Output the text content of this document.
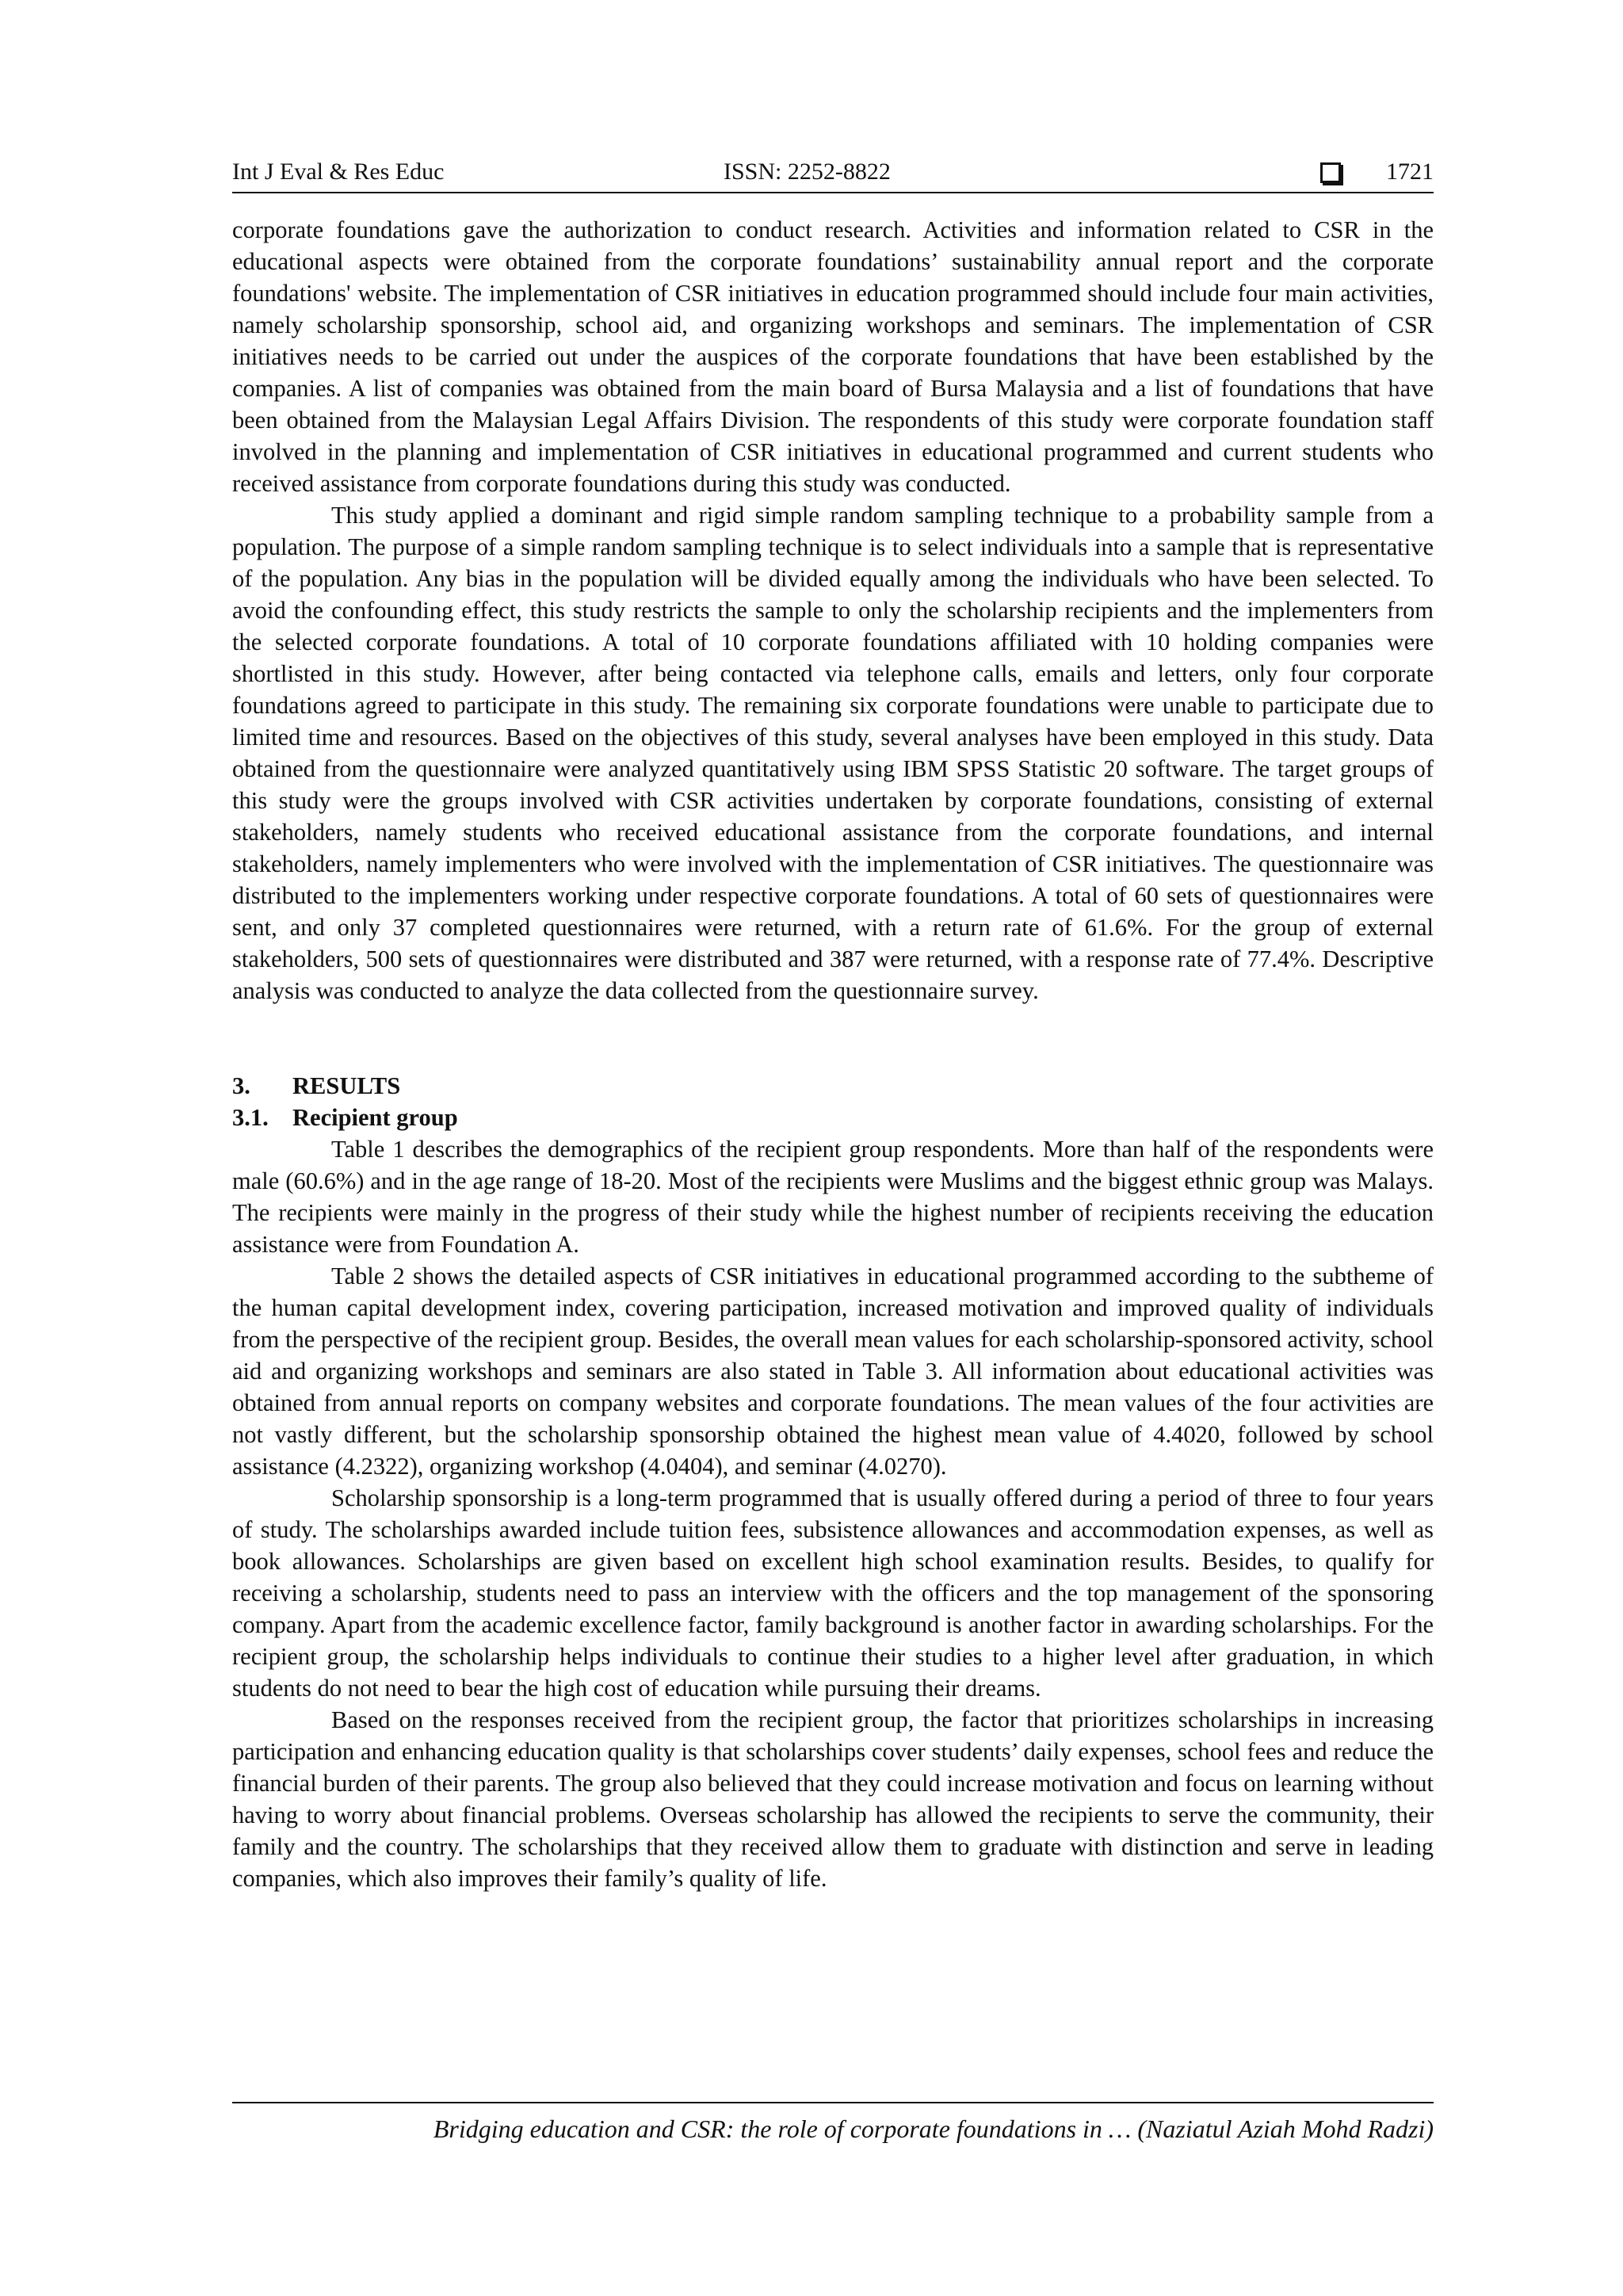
Int J Eval & Res Educ	ISSN: 2252-8822	1721

corporate foundations gave the authorization to conduct research. Activities and information related to CSR in the educational aspects were obtained from the corporate foundations’ sustainability annual report and the corporate foundations' website. The implementation of CSR initiatives in education programmed should include four main activities, namely scholarship sponsorship, school aid, and organizing workshops and seminars. The implementation of CSR initiatives needs to be carried out under the auspices of the corporate foundations that have been established by the companies. A list of companies was obtained from the main board of Bursa Malaysia and a list of foundations that have been obtained from the Malaysian Legal Affairs Division. The respondents of this study were corporate foundation staff involved in the planning and implementation of CSR initiatives in educational programmed and current students who received assistance from corporate foundations during this study was conducted.

This study applied a dominant and rigid simple random sampling technique to a probability sample from a population. The purpose of a simple random sampling technique is to select individuals into a sample that is representative of the population. Any bias in the population will be divided equally among the individuals who have been selected. To avoid the confounding effect, this study restricts the sample to only the scholarship recipients and the implementers from the selected corporate foundations. A total of 10 corporate foundations affiliated with 10 holding companies were shortlisted in this study. However, after being contacted via telephone calls, emails and letters, only four corporate foundations agreed to participate in this study. The remaining six corporate foundations were unable to participate due to limited time and resources. Based on the objectives of this study, several analyses have been employed in this study. Data obtained from the questionnaire were analyzed quantitatively using IBM SPSS Statistic 20 software. The target groups of this study were the groups involved with CSR activities undertaken by corporate foundations, consisting of external stakeholders, namely students who received educational assistance from the corporate foundations, and internal stakeholders, namely implementers who were involved with the implementation of CSR initiatives. The questionnaire was distributed to the implementers working under respective corporate foundations. A total of 60 sets of questionnaires were sent, and only 37 completed questionnaires were returned, with a return rate of 61.6%. For the group of external stakeholders, 500 sets of questionnaires were distributed and 387 were returned, with a response rate of 77.4%. Descriptive analysis was conducted to analyze the data collected from the questionnaire survey.

3. RESULTS

3.1. Recipient group

Table 1 describes the demographics of the recipient group respondents. More than half of the respondents were male (60.6%) and in the age range of 18-20. Most of the recipients were Muslims and the biggest ethnic group was Malays. The recipients were mainly in the progress of their study while the highest number of recipients receiving the education assistance were from Foundation A.

Table 2 shows the detailed aspects of CSR initiatives in educational programmed according to the subtheme of the human capital development index, covering participation, increased motivation and improved quality of individuals from the perspective of the recipient group. Besides, the overall mean values for each scholarship-sponsored activity, school aid and organizing workshops and seminars are also stated in Table 3. All information about educational activities was obtained from annual reports on company websites and corporate foundations. The mean values of the four activities are not vastly different, but the scholarship sponsorship obtained the highest mean value of 4.4020, followed by school assistance (4.2322), organizing workshop (4.0404), and seminar (4.0270).

Scholarship sponsorship is a long-term programmed that is usually offered during a period of three to four years of study. The scholarships awarded include tuition fees, subsistence allowances and accommodation expenses, as well as book allowances. Scholarships are given based on excellent high school examination results. Besides, to qualify for receiving a scholarship, students need to pass an interview with the officers and the top management of the sponsoring company. Apart from the academic excellence factor, family background is another factor in awarding scholarships. For the recipient group, the scholarship helps individuals to continue their studies to a higher level after graduation, in which students do not need to bear the high cost of education while pursuing their dreams.

Based on the responses received from the recipient group, the factor that prioritizes scholarships in increasing participation and enhancing education quality is that scholarships cover students’ daily expenses, school fees and reduce the financial burden of their parents. The group also believed that they could increase motivation and focus on learning without having to worry about financial problems. Overseas scholarship has allowed the recipients to serve the community, their family and the country. The scholarships that they received allow them to graduate with distinction and serve in leading companies, which also improves their family’s quality of life.

Bridging education and CSR: the role of corporate foundations in … (Naziatul Aziah Mohd Radzi)
